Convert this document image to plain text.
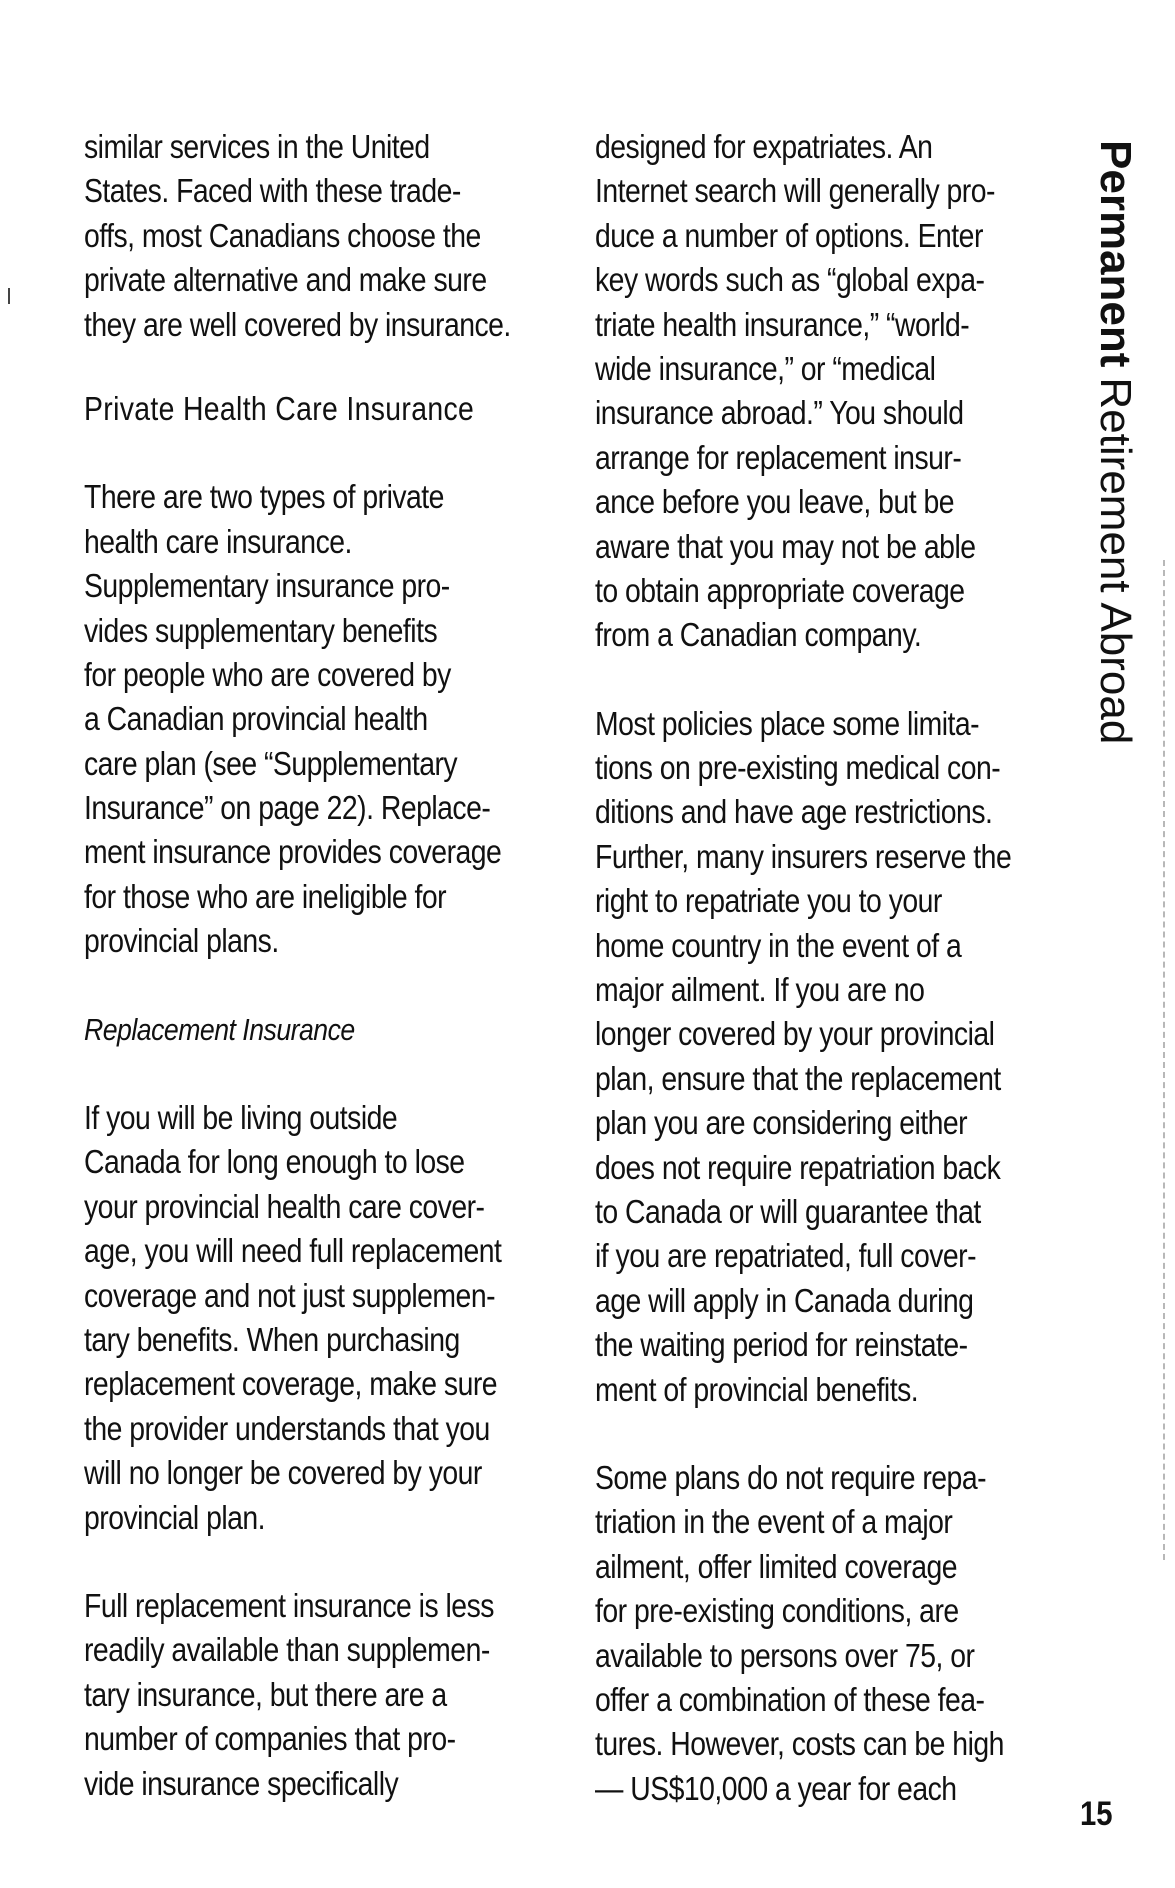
similar services in the United
States. Faced with these trade-
offs, most Canadians choose the
private alternative and make sure
they are well covered by insurance.
Private Health Care Insurance
There are two types of private
health care insurance.
Supplementary insurance pro-
vides supplementary benefits
for people who are covered by
a Canadian provincial health
care plan (see “Supplementary
Insurance” on page 22). Replace-
ment insurance provides coverage
for those who are ineligible for
provincial plans.
Replacement Insurance
If you will be living outside
Canada for long enough to lose
your provincial health care cover-
age, you will need full replacement
coverage and not just supplemen-
tary benefits. When purchasing
replacement coverage, make sure
the provider understands that you
will no longer be covered by your
provincial plan.
Full replacement insurance is less
readily available than supplemen-
tary insurance, but there are a
number of companies that pro-
vide insurance specifically
designed for expatriates. An
Internet search will generally pro-
duce a number of options. Enter
key words such as “global expa-
triate health insurance,” “world-
wide insurance,” or “medical
insurance abroad.” You should
arrange for replacement insur-
ance before you leave, but be
aware that you may not be able
to obtain appropriate coverage
from a Canadian company.
Most policies place some limita-
tions on pre-existing medical con-
ditions and have age restrictions.
Further, many insurers reserve the
right to repatriate you to your
home country in the event of a
major ailment. If you are no
longer covered by your provincial
plan, ensure that the replacement
plan you are considering either
does not require repatriation back
to Canada or will guarantee that
if you are repatriated, full cover-
age will apply in Canada during
the waiting period for reinstate-
ment of provincial benefits.
Some plans do not require repa-
triation in the event of a major
ailment, offer limited coverage
for pre-existing conditions, are
available to persons over 75, or
offer a combination of these fea-
tures. However, costs can be high
— US$10,000 a year for each
PermanentRetirement Abroad
15
